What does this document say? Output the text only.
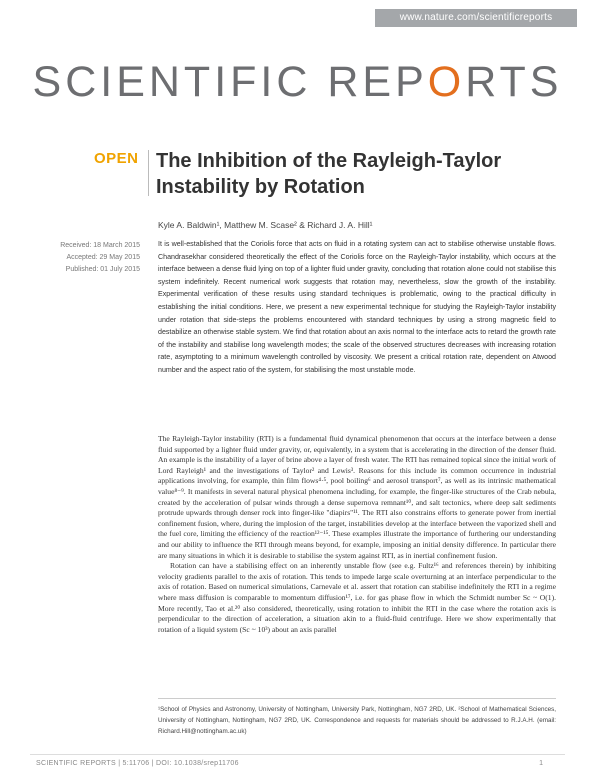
www.nature.com/scientificreports
SCIENTIFIC REPORTS
OPEN The Inhibition of the Rayleigh-Taylor Instability by Rotation
Kyle A. Baldwin¹, Matthew M. Scase² & Richard J. A. Hill¹
Received: 18 March 2015
Accepted: 29 May 2015
Published: 01 July 2015
It is well-established that the Coriolis force that acts on fluid in a rotating system can act to stabilise otherwise unstable flows. Chandrasekhar considered theoretically the effect of the Coriolis force on the Rayleigh-Taylor instability, which occurs at the interface between a dense fluid lying on top of a lighter fluid under gravity, concluding that rotation alone could not stabilise this system indefinitely. Recent numerical work suggests that rotation may, nevertheless, slow the growth of the instability. Experimental verification of these results using standard techniques is problematic, owing to the practical difficulty in establishing the initial conditions. Here, we present a new experimental technique for studying the Rayleigh-Taylor instability under rotation that side-steps the problems encountered with standard techniques by using a strong magnetic field to destabilize an otherwise stable system. We find that rotation about an axis normal to the interface acts to retard the growth rate of the instability and stabilise long wavelength modes; the scale of the observed structures decreases with increasing rotation rate, asymptoting to a minimum wavelength controlled by viscosity. We present a critical rotation rate, dependent on Atwood number and the aspect ratio of the system, for stabilising the most unstable mode.

The Rayleigh-Taylor instability (RTI) is a fundamental fluid dynamical phenomenon that occurs at the interface between a dense fluid supported by a lighter fluid under gravity, or, equivalently, in a system that is accelerating in the direction of the denser fluid. An example is the instability of a layer of brine above a layer of fresh water. The RTI has remained topical since the initial work of Lord Rayleigh¹ and the investigations of Taylor² and Lewis³. Reasons for this include its common occurrence in industrial applications involving, for example, thin film flows⁴·⁵, pool boiling⁶ and aerosol transport⁷, as well as its intrinsic mathematical value⁸⁻⁹. It manifests in several natural physical phenomena including, for example, the finger-like structures of the Crab nebula, created by the acceleration of pulsar winds through a dense supernova remnant¹⁰, and salt tectonics, where deep salt sediments protrude upwards through denser rock into finger-like "diapirs"¹¹. The RTI also constrains efforts to generate power from inertial confinement fusion, where, during the implosion of the target, instabilities develop at the interface between the vaporized shell and the fuel core, limiting the efficiency of the reaction¹²⁻¹⁵. These examples illustrate the importance of furthering our understanding and our ability to influence the RTI through means beyond, for example, imposing an initial density difference. In particular there are many situations in which it is desirable to stabilise the system against RTI, as in inertial confinement fusion.

Rotation can have a stabilising effect on an inherently unstable flow (see e.g. Fultz¹⁶ and references therein) by inhibiting velocity gradients parallel to the axis of rotation. This tends to impede large scale overturning at an interface perpendicular to the axis of rotation. Based on numerical simulations, Carnevale et al. assert that rotation can stabilise indefinitely the RTI in a regime where mass diffusion is comparable to momentum diffusion¹⁷, i.e. for gas phase flow in which the Schmidt number Sc ~ O(1). More recently, Tao et al.²⁰ also considered, theoretically, using rotation to inhibit the RTI in the case where the rotation axis is perpendicular to the direction of acceleration, a situation akin to a fluid-fluid centrifuge. Here we show experimentally that rotation of a liquid system (Sc ~ 10³) about an axis parallel

¹School of Physics and Astronomy, University of Nottingham, University Park, Nottingham, NG7 2RD, UK. ²School of Mathematical Sciences, University of Nottingham, Nottingham, NG7 2RD, UK. Correspondence and requests for materials should be addressed to R.J.A.H. (email: Richard.Hill@nottingham.ac.uk)
SCIENTIFIC REPORTS | 5:11706 | DOI: 10.1038/srep11706	1
